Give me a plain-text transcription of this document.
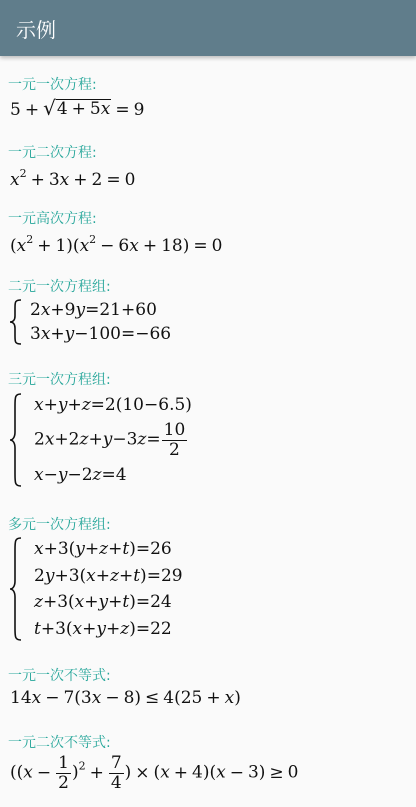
示例
一元一次方程:
5 + √ 4 + 5x = 9
一元二次方程:
$x^2 + 3x + 2 = 0$
一元高次方程:
$(x^2 + 1)(x^2 - 6x + 18) = 0$
二元一次方程组:
2x+9y=21+60
3x+y−100=−66
三元一次方程组:
x+y+z=2(10−6.5)
$2x+2z+y-3z= \frac{10}{2}$
x−y−2z=4
多元一次方程组:
x+3(y+z+t)=26
2y+3(x+z+t)=29
z+3(x+y+t)=24
t+3(x+y+z)=22
一元一次不等式:
14x − 7(3x − 8) ≤ 4(25 + x)
一元二次不等式:
($(x - \frac{1}{2} )^2 + \frac{7}{4}$ ) × (x + 4)(x − 3) ≥ 0
